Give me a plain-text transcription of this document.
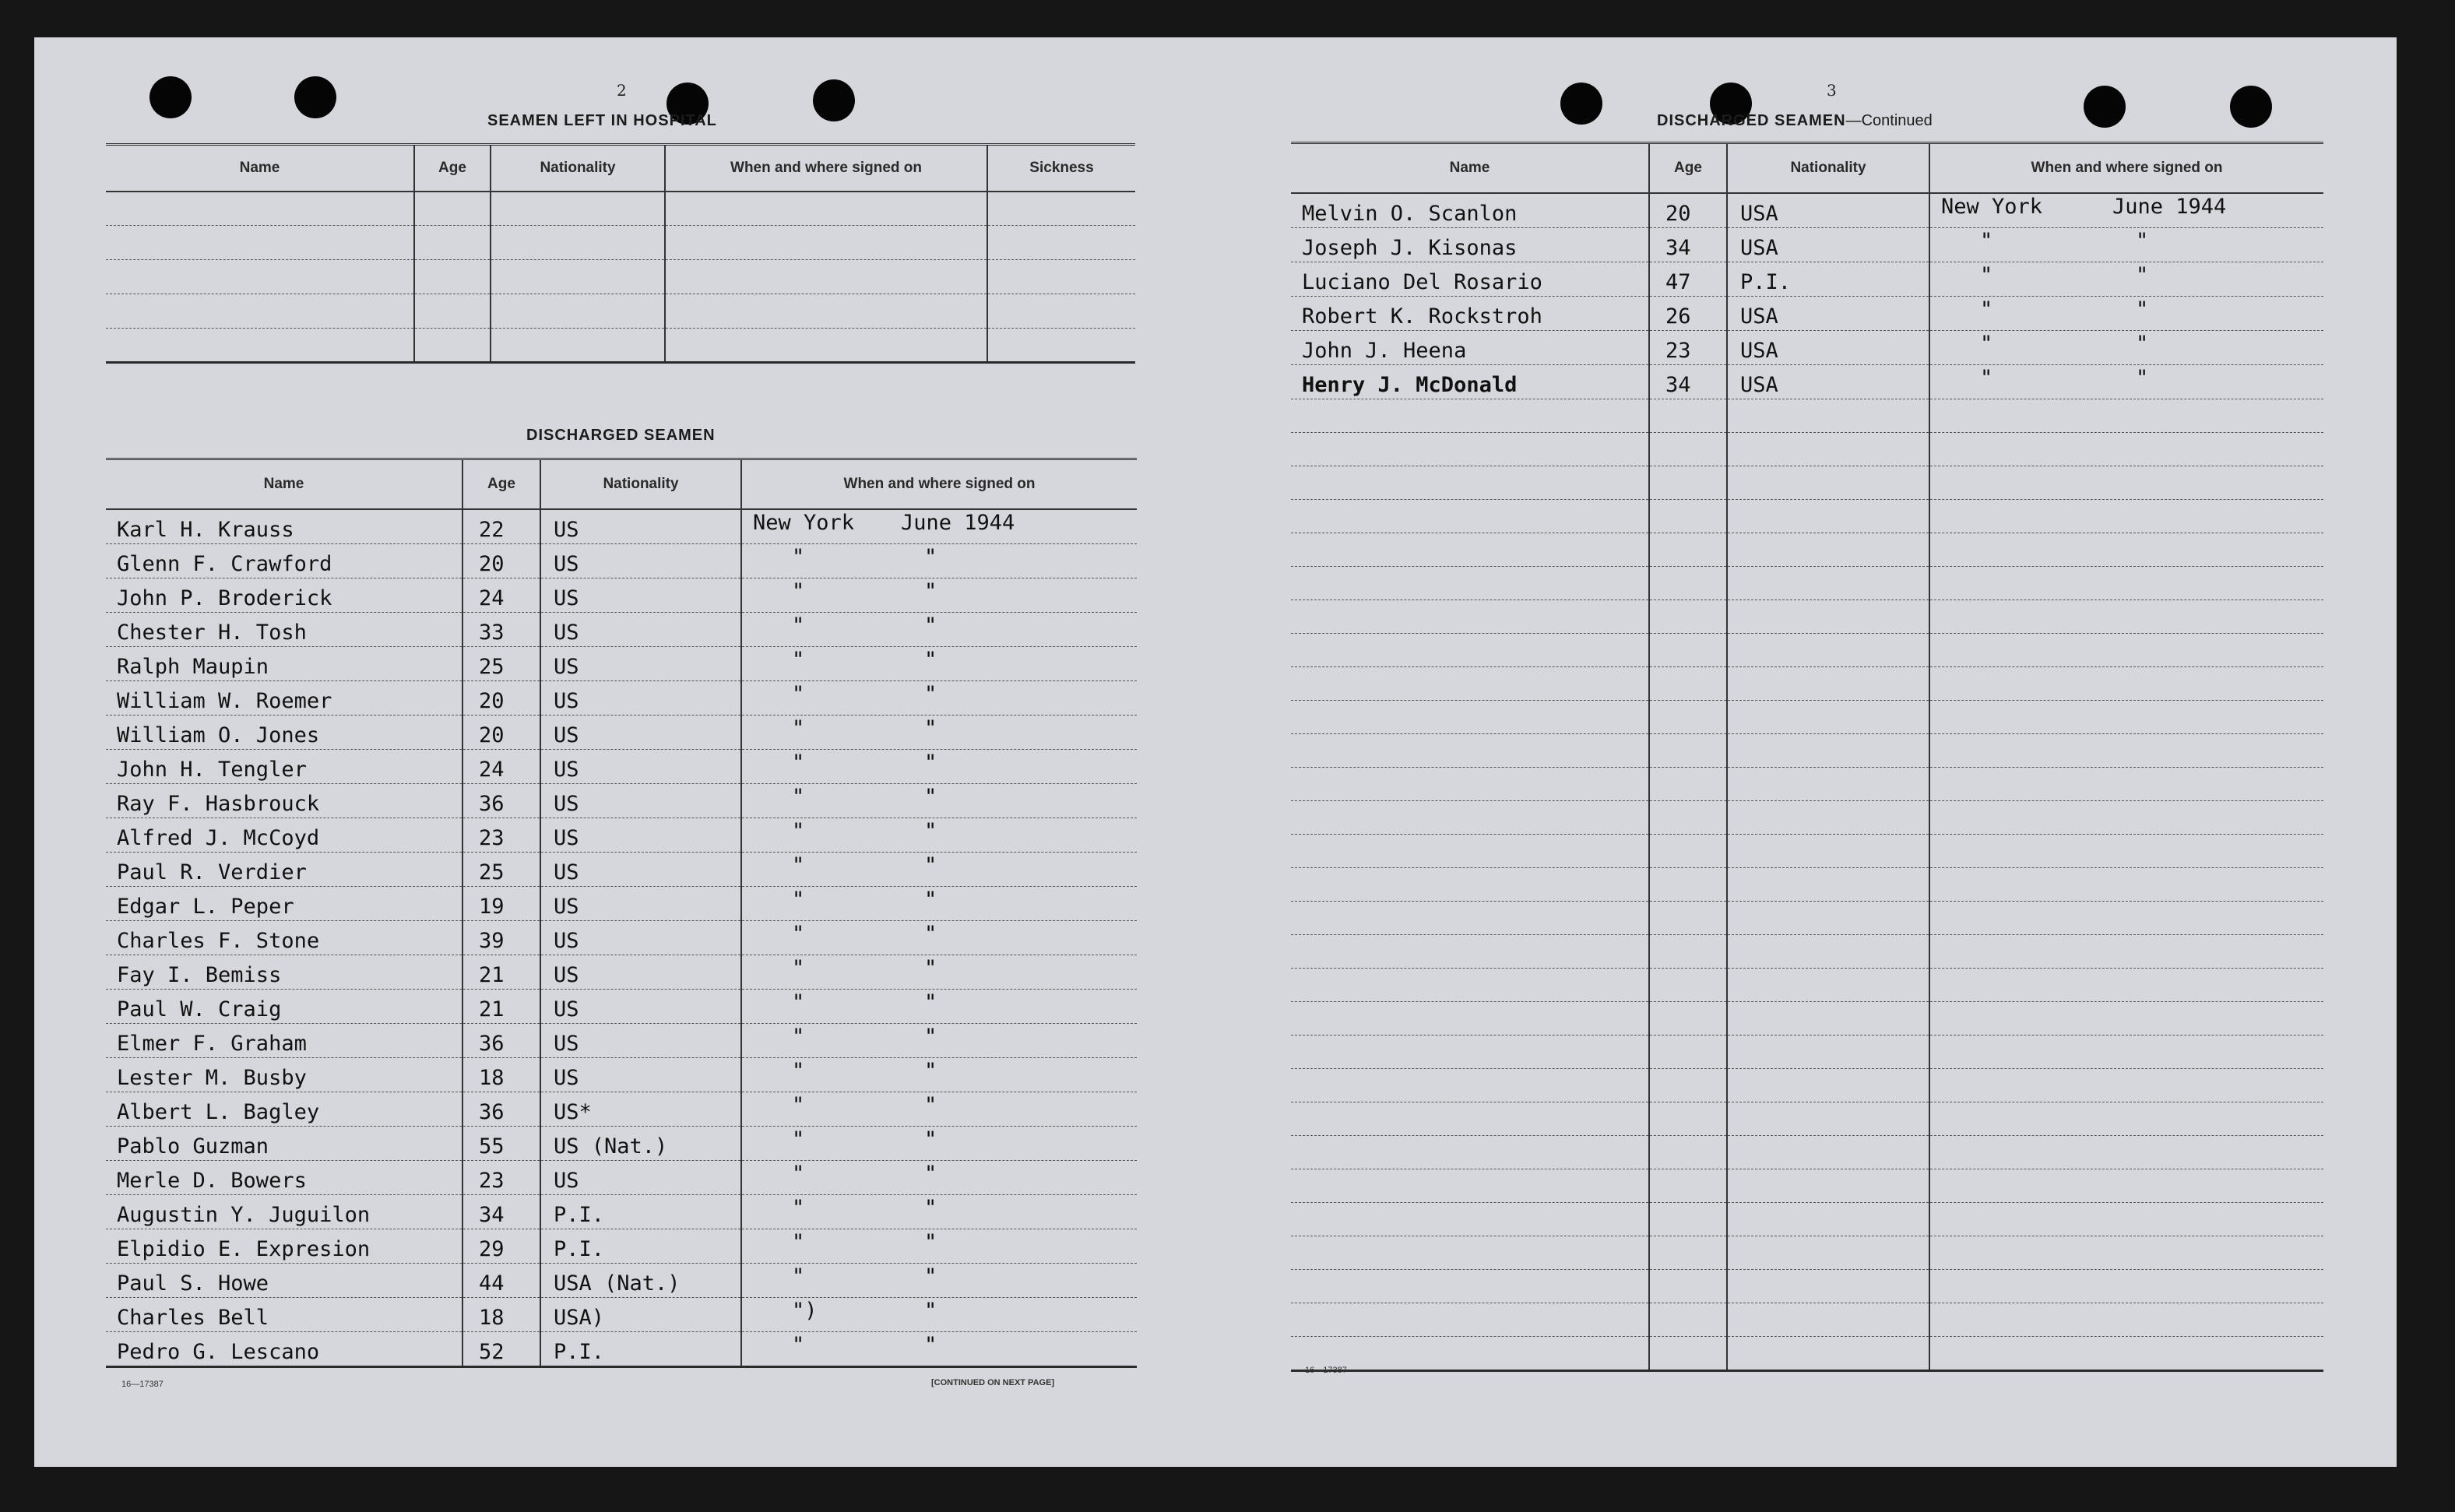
2
SEAMEN LEFT IN HOSPITAL
Name	Age	Nationality	When and where signed on	Sickness

DISCHARGED SEAMEN
Name	Age	Nationality	When and where signed on
Karl H. Krauss	22	US	New York June 1944

Glenn F. Crawford	20	US	" "

John P. Broderick	24	US	" "

Chester H. Tosh	33	US	" "

Ralph Maupin	25	US	" "

William W. Roemer	20	US	" "

William O. Jones	20	US	" "

John H. Tengler	24	US	" "

Ray F. Hasbrouck	36	US	" "

Alfred J. McCoyd	23	US	" "

Paul R. Verdier	25	US	" "

Edgar L. Peper	19	US	" "

Charles F. Stone	39	US	" "

Fay I. Bemiss	21	US	" "

Paul W. Craig	21	US	" "

Elmer F. Graham	36	US	" "

Lester M. Busby	18	US	" "

Albert L. Bagley	36	US*	" "

Pablo Guzman	55	US (Nat.)	" "

Merle D. Bowers	23	US	" "

Augustin Y. Juguilon	34	P.I.	" "

Elpidio E. Expresion	29	P.I.	" "

Paul S. Howe	44	USA (Nat.)	" "

Charles Bell	18	USA)	") "

Pedro G. Lescano	52	P.I.	" "
16—17387	[CONTINUED ON NEXT PAGE]
3
DISCHARGED SEAMEN—Continued
Name	Age	Nationality	When and where signed on
Melvin O. Scanlon	20	USA	New York June 1944

Joseph J. Kisonas	34	USA	" "

Luciano Del Rosario	47	P.I.	" "

Robert K. Rockstroh	26	USA	" "

John J. Heena	23	USA	" "

Henry J. McDonald	34	USA	" "

16—17387
